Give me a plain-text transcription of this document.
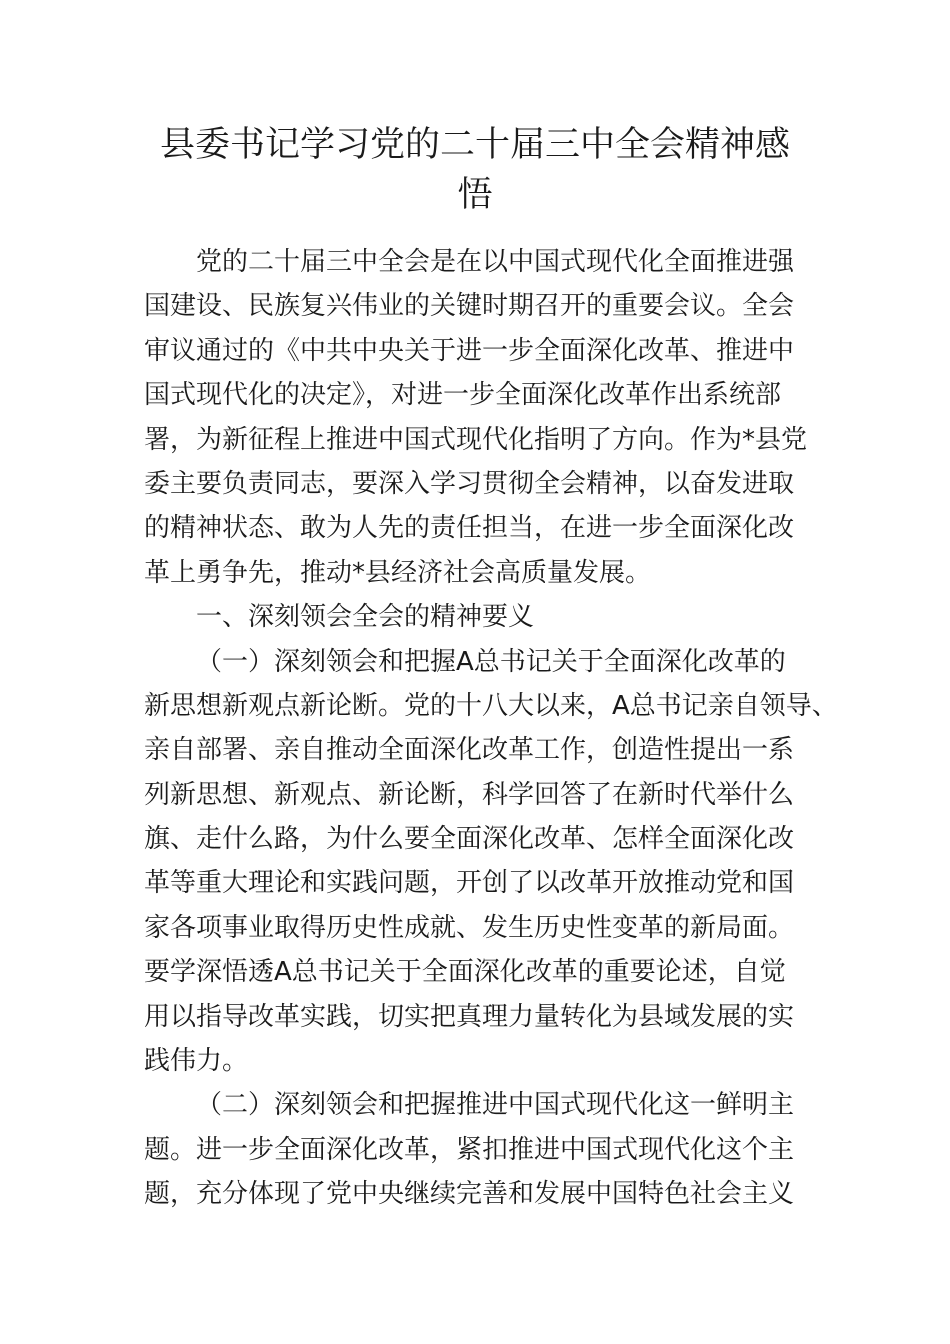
县委书记学习党的二十届三中全会精神感
悟
党的二十届三中全会是在以中国式现代化全面推进强
国建设、民族复兴伟业的关键时期召开的重要会议。全会
审议通过的《中共中央关于进一步全面深化改革、推进中
国式现代化的决定》，对进一步全面深化改革作出系统部
署，为新征程上推进中国式现代化指明了方向。作为*县党
委主要负责同志，要深入学习贯彻全会精神，以奋发进取
的精神状态、敢为人先的责任担当，在进一步全面深化改
革上勇争先，推动*县经济社会高质量发展。
一、深刻领会全会的精神要义
（一）深刻领会和把握A总书记关于全面深化改革的
新思想新观点新论断。党的十八大以来，A总书记亲自领导、
亲自部署、亲自推动全面深化改革工作，创造性提出一系
列新思想、新观点、新论断，科学回答了在新时代举什么
旗、走什么路，为什么要全面深化改革、怎样全面深化改
革等重大理论和实践问题，开创了以改革开放推动党和国
家各项事业取得历史性成就、发生历史性变革的新局面。
要学深悟透A总书记关于全面深化改革的重要论述，自觉
用以指导改革实践，切实把真理力量转化为县域发展的实
践伟力。
（二）深刻领会和把握推进中国式现代化这一鲜明主
题。进一步全面深化改革，紧扣推进中国式现代化这个主
题，充分体现了党中央继续完善和发展中国特色社会主义
